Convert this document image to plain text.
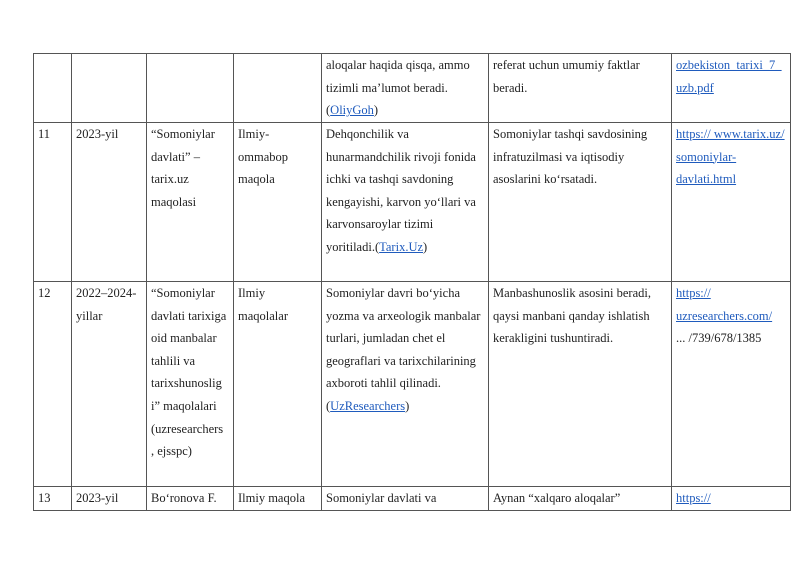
				aloqalar haqida qisqa, ammo tizimli ma’lumot beradi. (OliyGoh)	referat uchun umumiy faktlar beradi.	ozbekiston_tarixi_7_uzb.pdf
11	2023-yil	“Somoniylar davlati” – tarix.uz maqolasi	Ilmiy-ommabop maqola	Dehqonchilik va hunarmandchilik rivoji fonida ichki va tashqi savdoning kengayishi, karvon yo‘llari va karvonsaroylar tizimi yoritiladi.(Tarix.Uz)	Somoniylar tashqi savdosining infratuzilmasi va iqtisodiy asoslarini ko‘rsatadi.	https:// www.tarix.uz/ somoniylar-davlati.html
12	2022–2024-yillar	“Somoniylar davlati tarixiga oid manbalar tahlili va tarixshunoslig i” maqolalari (uzresearchers , ejsspc)	Ilmiy maqolalar	Somoniylar davri bo‘yicha yozma va arxeologik manbalar turlari, jumladan chet el geograflari va tarixchilarining axboroti tahlil qilinadi. (UzResearchers)	Manbashunoslik asosini beradi, qaysi manbani qanday ishlatish kerakligini tushuntiradi.	https:// uzresearchers.com/
... /739/678/1385
13	2023-yil	Bo‘ronova F.	Ilmiy maqola	Somoniylar davlati va	Aynan “xalqaro aloqalar”	https://
